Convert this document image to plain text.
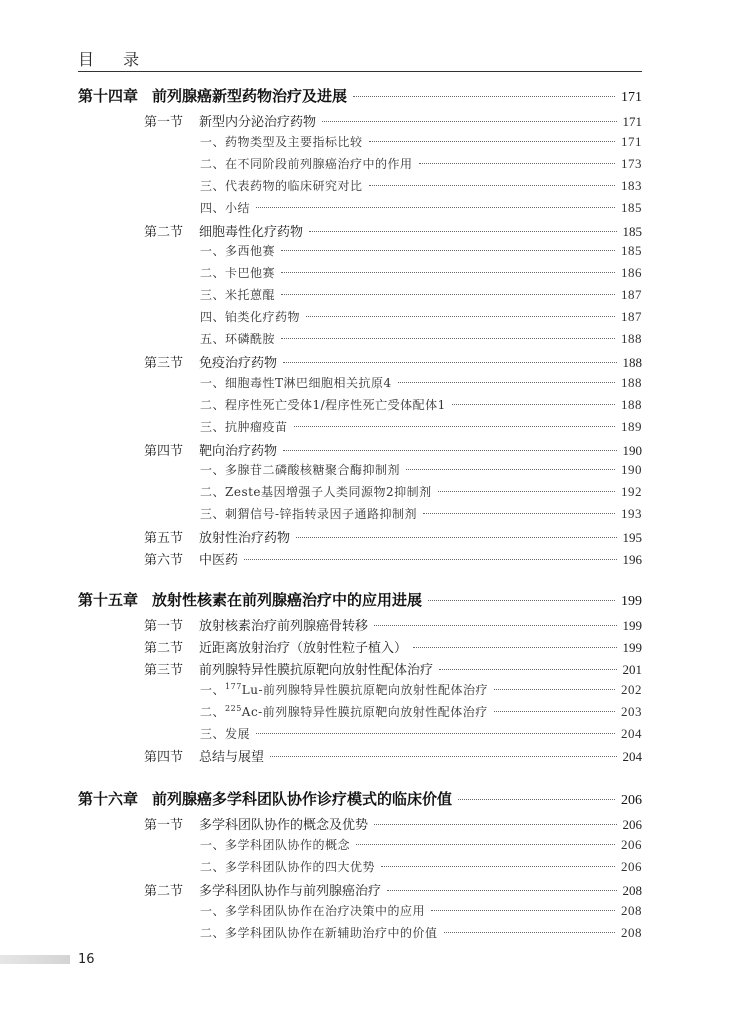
目 录
第十四章 前列腺癌新型药物治疗及进展	171
第一节	新型内分泌治疗药物	171
一、药物类型及主要指标比较	171
二、在不同阶段前列腺癌治疗中的作用	173
三、代表药物的临床研究对比	183
四、小结	185
第二节	细胞毒性化疗药物	185
一、多西他赛	185
二、卡巴他赛	186
三、米托蒽醌	187
四、铂类化疗药物	187
五、环磷酰胺	188
第三节	免疫治疗药物	188
一、细胞毒性T淋巴细胞相关抗原4	188
二、程序性死亡受体1/程序性死亡受体配体1	188
三、抗肿瘤疫苗	189
第四节	靶向治疗药物	190
一、多腺苷二磷酸核糖聚合酶抑制剂	190
二、Zeste基因增强子人类同源物2抑制剂	192
三、刺猬信号-锌指转录因子通路抑制剂	193
第五节	放射性治疗药物	195
第六节	中医药	196
第十五章 放射性核素在前列腺癌治疗中的应用进展	199
第一节	放射核素治疗前列腺癌骨转移	199
第二节	近距离放射治疗（放射性粒子植入）	199
第三节	前列腺特异性膜抗原靶向放射性配体治疗	201
一、$^{177}$Lu-前列腺特异性膜抗原靶向放射性配体治疗	202
二、$^{225}$Ac-前列腺特异性膜抗原靶向放射性配体治疗	203
三、发展	204
第四节	总结与展望	204
第十六章 前列腺癌多学科团队协作诊疗模式的临床价值	206
第一节	多学科团队协作的概念及优势	206
一、多学科团队协作的概念	206
二、多学科团队协作的四大优势	206
第二节	多学科团队协作与前列腺癌治疗	208
一、多学科团队协作在治疗决策中的应用	208
二、多学科团队协作在新辅助治疗中的价值	208
16
